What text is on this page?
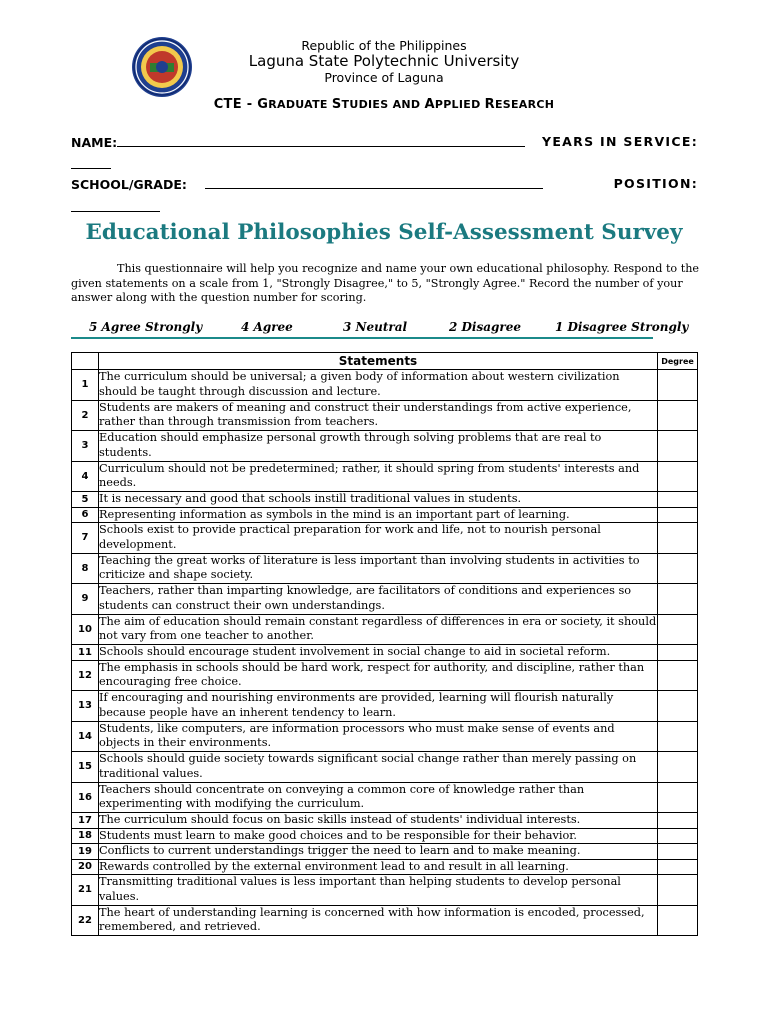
Republic of the Philippines
Laguna State Polytechnic University
Province of Laguna
CTE - GRADUATE STUDIES AND APPLIED RESEARCH
NAME:	YEARS IN SERVICE:
SCHOOL/GRADE:	POSITION:
Educational Philosophies Self-Assessment Survey
This questionnaire will help you recognize and name your own educational philosophy. Respond to the given statements on a scale from 1, "Strongly Disagree," to 5, "Strongly Agree." Record the number of your answer along with the question number for scoring.
5 Agree Strongly	4 Agree	3 Neutral	2 Disagree	1 Disagree Strongly
	Statements	Degree
1	The curriculum should be universal; a given body of information about western civilization should be taught through discussion and lecture.	
2	Students are makers of meaning and construct their understandings from active experience, rather than through transmission from teachers.	
3	Education should emphasize personal growth through solving problems that are real to students.	
4	Curriculum should not be predetermined; rather, it should spring from students' interests and needs.	
5	It is necessary and good that schools instill traditional values in students.	
6	Representing information as symbols in the mind is an important part of learning.	
7	Schools exist to provide practical preparation for work and life, not to nourish personal development.	
8	Teaching the great works of literature is less important than involving students in activities to criticize and shape society.	
9	Teachers, rather than imparting knowledge, are facilitators of conditions and experiences so students can construct their own understandings.	
10	The aim of education should remain constant regardless of differences in era or society, it should not vary from one teacher to another.	
11	Schools should encourage student involvement in social change to aid in societal reform.	
12	The emphasis in schools should be hard work, respect for authority, and discipline, rather than encouraging free choice.	
13	If encouraging and nourishing environments are provided, learning will flourish naturally because people have an inherent tendency to learn.	
14	Students, like computers, are information processors who must make sense of events and objects in their environments.	
15	Schools should guide society towards significant social change rather than merely passing on traditional values.	
16	Teachers should concentrate on conveying a common core of knowledge rather than experimenting with modifying the curriculum.	
17	The curriculum should focus on basic skills instead of students' individual interests.	
18	Students must learn to make good choices and to be responsible for their behavior.	
19	Conflicts to current understandings trigger the need to learn and to make meaning.	
20	Rewards controlled by the external environment lead to and result in all learning.	
21	Transmitting traditional values is less important than helping students to develop personal values.	
22	The heart of understanding learning is concerned with how information is encoded, processed, remembered, and retrieved.	
